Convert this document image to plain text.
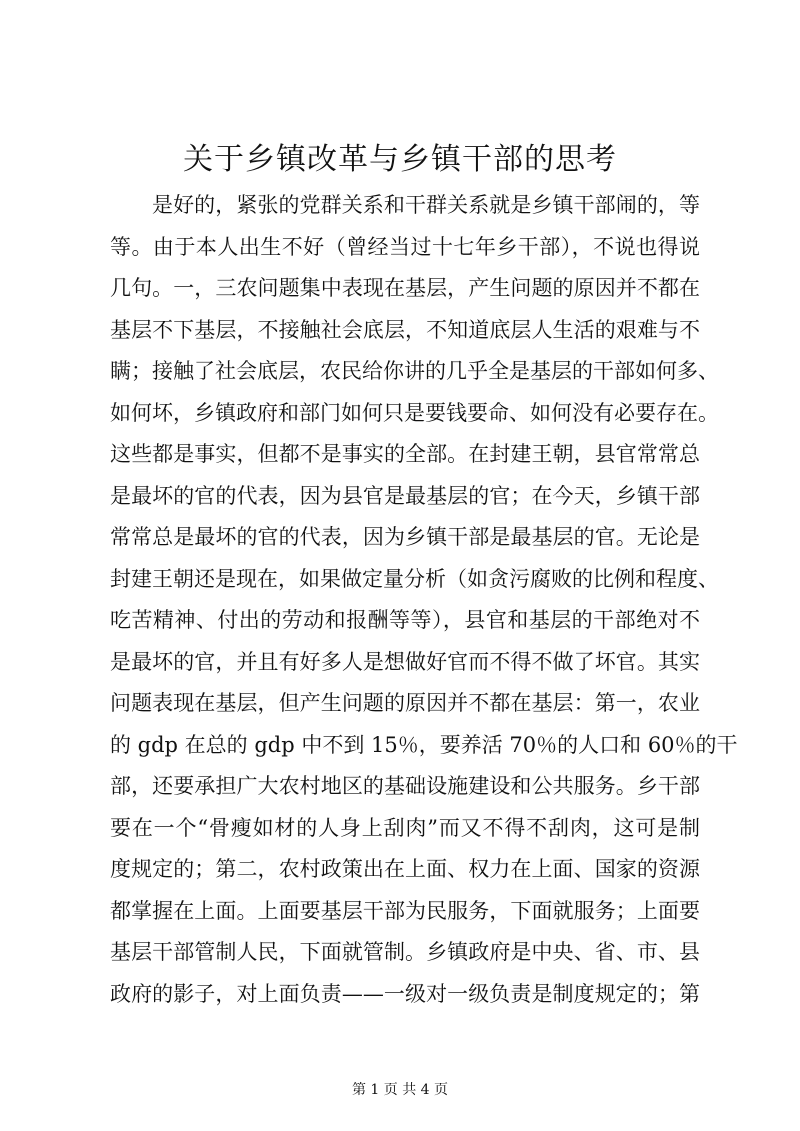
关于乡镇改革与乡镇干部的思考
是好的，紧张的党群关系和干群关系就是乡镇干部闹的，等
等。由于本人出生不好（曾经当过十七年乡干部），不说也得说
几句。一，三农问题集中表现在基层，产生问题的原因并不都在
基层不下基层，不接触社会底层，不知道底层人生活的艰难与不
瞒；接触了社会底层，农民给你讲的几乎全是基层的干部如何多、
如何坏，乡镇政府和部门如何只是要钱要命、如何没有必要存在。
这些都是事实，但都不是事实的全部。在封建王朝，县官常常总
是最坏的官的代表，因为县官是最基层的官；在今天，乡镇干部
常常总是最坏的官的代表，因为乡镇干部是最基层的官。无论是
封建王朝还是现在，如果做定量分析（如贪污腐败的比例和程度、
吃苦精神、付出的劳动和报酬等等），县官和基层的干部绝对不
是最坏的官，并且有好多人是想做好官而不得不做了坏官。其实
问题表现在基层，但产生问题的原因并不都在基层：第一，农业
的 gdp 在总的 gdp 中不到 15％，要养活 70％的人口和 60％的干
部，还要承担广大农村地区的基础设施建设和公共服务。乡干部
要在一个“骨瘦如材的人身上刮肉”而又不得不刮肉，这可是制
度规定的；第二，农村政策出在上面、权力在上面、国家的资源
都掌握在上面。上面要基层干部为民服务，下面就服务；上面要
基层干部管制人民，下面就管制。乡镇政府是中央、省、市、县
政府的影子，对上面负责——一级对一级负责是制度规定的；第
第 1 页 共 4 页
